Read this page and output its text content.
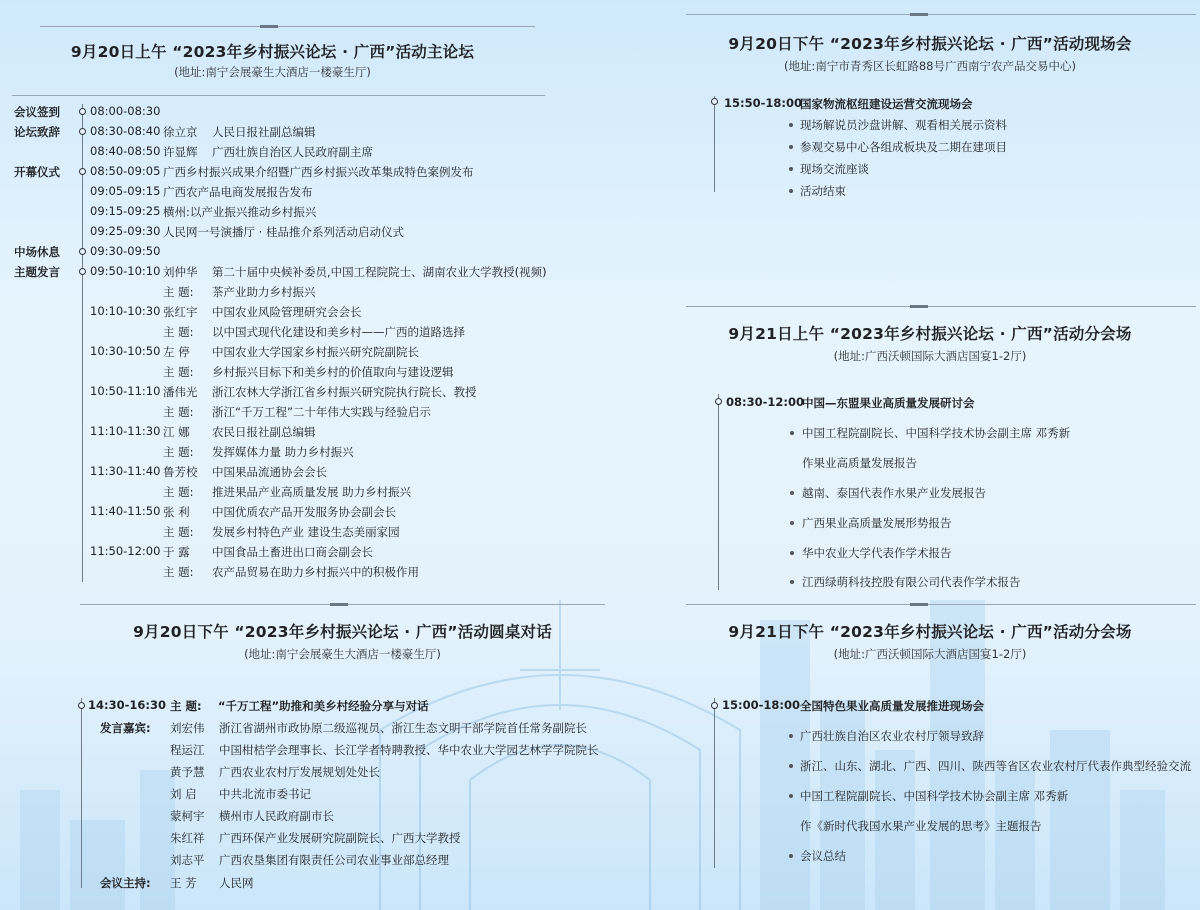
9月20日上午 “2023年乡村振兴论坛 · 广西”活动主论坛
(地址:南宁会展豪生大酒店一楼豪生厅)
会议签到
论坛致辞
开幕仪式
中场休息
主题发言
08:00-08:30
08:30-08:40 徐立京 人民日报社副总编辑
08:40-08:50 许显辉 广西壮族自治区人民政府副主席
08:50-09:05 广西乡村振兴成果介绍暨广西乡村振兴改革集成特色案例发布
09:05-09:15 广西农产品电商发展报告发布
09:15-09:25 横州:以产业振兴推动乡村振兴
09:25-09:30 人民网一号演播厅 · 桂品推介系列活动启动仪式
09:30-09:50
09:50-10:10 刘仲华 第二十届中央候补委员,中国工程院院士、湖南农业大学教授(视频)
主 题: 茶产业助力乡村振兴
10:10-10:30 张红宇 中国农业风险管理研究会会长
主 题: 以中国式现代化建设和美乡村——广西的道路选择
10:30-10:50 左 停 中国农业大学国家乡村振兴研究院副院长
主 题: 乡村振兴目标下和美乡村的价值取向与建设逻辑
10:50-11:10 潘伟光 浙江农林大学浙江省乡村振兴研究院执行院长、教授
主 题: 浙江“千万工程”二十年伟大实践与经验启示
11:10-11:30 江 娜 农民日报社副总编辑
主 题: 发挥媒体力量 助力乡村振兴
11:30-11:40 鲁芳校 中国果品流通协会会长
主 题: 推进果品产业高质量发展 助力乡村振兴
11:40-11:50 张 利 中国优质农产品开发服务协会副会长
主 题: 发展乡村特色产业 建设生态美丽家园
11:50-12:00 于 露 中国食品土畜进出口商会副会长
主 题: 农产品贸易在助力乡村振兴中的积极作用
9月20日下午 “2023年乡村振兴论坛 · 广西”活动现场会
(地址:南宁市青秀区长虹路88号广西南宁农产品交易中心)
15:50-18:00
国家物流枢纽建设运营交流现场会
现场解说员沙盘讲解、观看相关展示资料
参观交易中心各组成板块及二期在建项目
现场交流座谈
活动结束
9月21日上午 “2023年乡村振兴论坛 · 广西”活动分会场
(地址:广西沃顿国际大酒店国宴1-2厅)
08:30-12:00
中国—东盟果业高质量发展研讨会
中国工程院副院长、中国科学技术协会副主席 邓秀新
作果业高质量发展报告
越南、泰国代表作水果产业发展报告
广西果业高质量发展形势报告
华中农业大学代表作学术报告
江西绿萌科技控股有限公司代表作学术报告
9月20日下午 “2023年乡村振兴论坛 · 广西”活动圆桌对话
(地址:南宁会展豪生大酒店一楼豪生厅)
14:30-16:30 主 题: “千万工程”助推和美乡村经验分享与对话
发言嘉宾: 刘宏伟 浙江省湖州市政协原二级巡视员、浙江生态文明干部学院首任常务副院长
程运江 中国柑桔学会理事长、长江学者特聘教授、华中农业大学园艺林学学院院长
黄予慧 广西农业农村厅发展规划处处长
刘 启 中共北流市委书记
蒙柯宇 横州市人民政府副市长
朱红祥 广西环保产业发展研究院副院长、广西大学教授
刘志平 广西农垦集团有限责任公司农业事业部总经理
会议主持: 王 芳 人民网
9月21日下午 “2023年乡村振兴论坛 · 广西”活动分会场
(地址:广西沃顿国际大酒店国宴1-2厅)
15:00-18:00 全国特色果业高质量发展推进现场会
广西壮族自治区农业农村厅领导致辞
浙江、山东、湖北、广西、四川、陕西等省区农业农村厅代表作典型经验交流
中国工程院副院长、中国科学技术协会副主席 邓秀新
作《新时代我国水果产业发展的思考》主题报告
会议总结
